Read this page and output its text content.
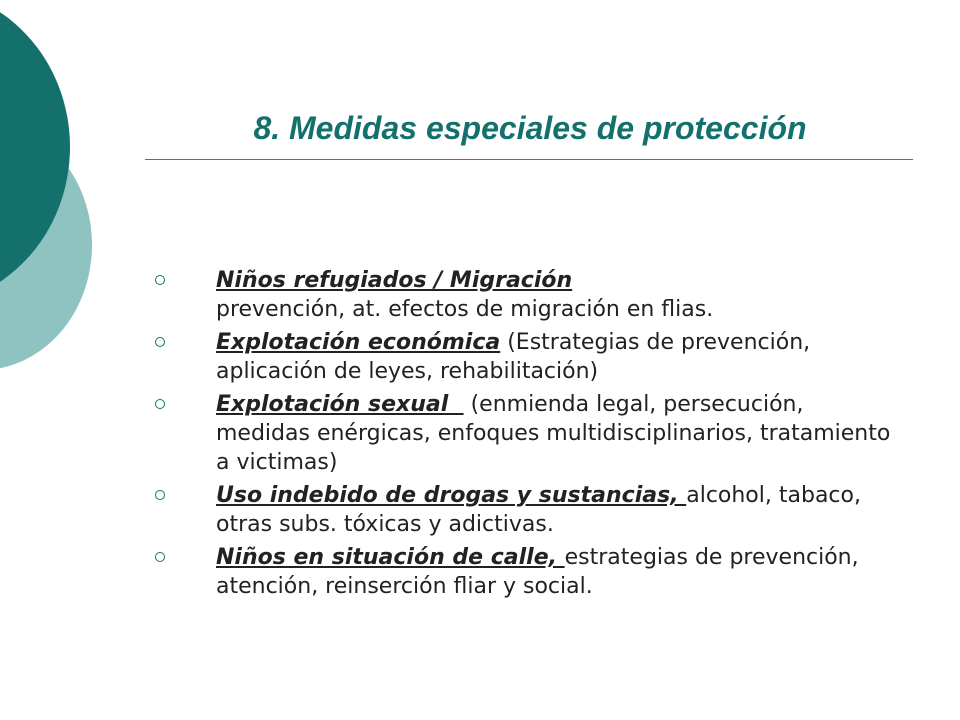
8. Medidas especiales de protección
Niños refugiados / Migración
prevención, at. efectos de migración en flias.
Explotación económica (Estrategias de prevención, aplicación de leyes, rehabilitación)
Explotación sexual   (enmienda legal, persecución, medidas enérgicas, enfoques multidisciplinarios, tratamiento a victimas)
Uso indebido de drogas y sustancias, alcohol, tabaco, otras subs. tóxicas y adictivas.
Niños en situación de calle, estrategias de prevención, atención, reinserción fliar y social.
